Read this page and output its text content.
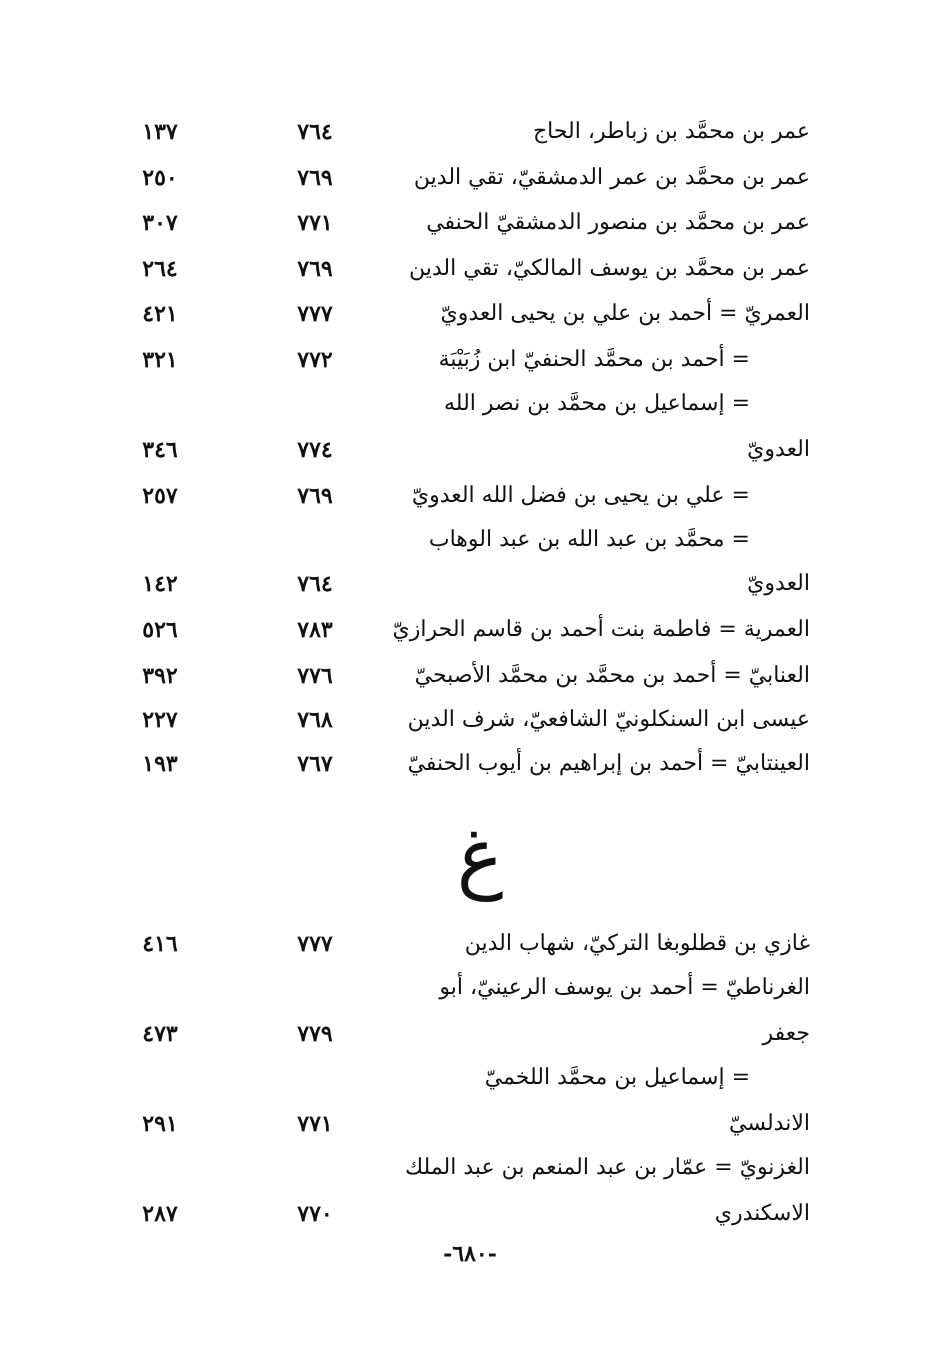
عمر بن محمَّد بن زباطر، الحاج
٧٦٤
١٣٧
عمر بن محمَّد بن عمر الدمشقيّ، تقي الدين
٧٦٩
٢٥٠
عمر بن محمَّد بن منصور الدمشقيّ الحنفي
٧٧١
٣٠٧
عمر بن محمَّد بن يوسف المالكيّ، تقي الدين
٧٦٩
٢٦٤
العمريّ = أحمد بن علي بن يحيى العدويّ
٧٧٧
٤٢١
= أحمد بن محمَّد الحنفيّ ابن زُبَيْبَة
٧٧٢
٣٢١
= إسماعيل بن محمَّد بن نصر الله
العدويّ
٧٧٤
٣٤٦
= علي بن يحيى بن فضل الله العدويّ
٧٦٩
٢٥٧
= محمَّد بن عبد الله بن عبد الوهاب
العدويّ
٧٦٤
١٤٢
العمرية = فاطمة بنت أحمد بن قاسم الحرازيّ
٧٨٣
٥٢٦
العنابيّ = أحمد بن محمَّد بن محمَّد الأصبحيّ
٧٧٦
٣٩٢
عيسى ابن السنكلونيّ الشافعيّ، شرف الدين
٧٦٨
٢٢٧
العينتابيّ = أحمد بن إبراهيم بن أيوب الحنفيّ
٧٦٧
١٩٣
غ
غازي بن قطلوبغا التركيّ، شهاب الدين
٧٧٧
٤١٦
الغرناطيّ = أحمد بن يوسف الرعينيّ، أبو
جعفر
٧٧٩
٤٧٣
= إسماعيل بن محمَّد اللخميّ
الاندلسيّ
٧٧١
٢٩١
الغزنويّ = عمّار بن عبد المنعم بن عبد الملك
الاسكندري
٧٧٠
٢٨٧
-٦٨٠-
